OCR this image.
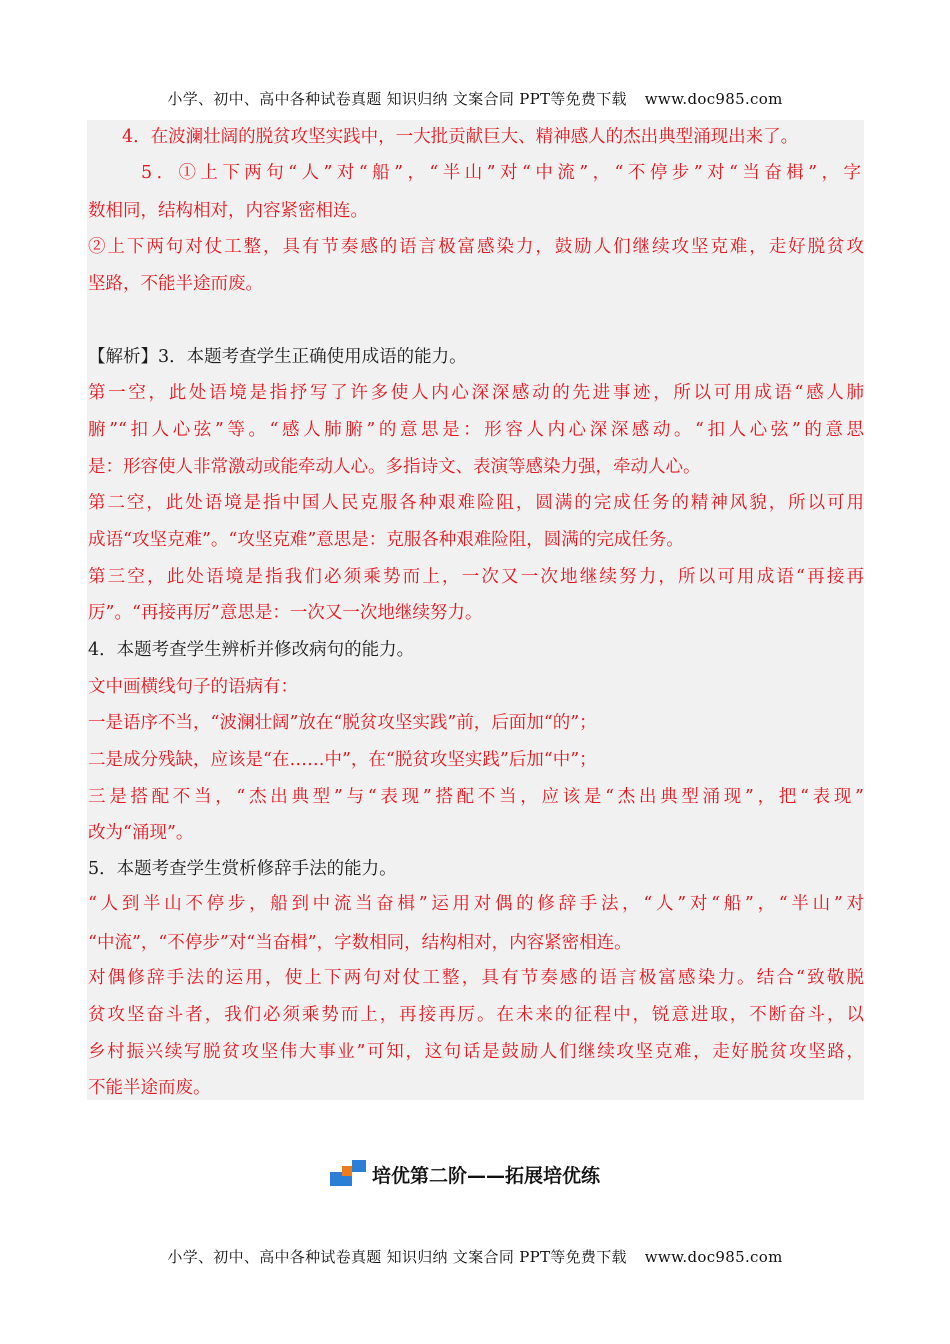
小学、初中、高中各种试卷真题 知识归纳 文案合同 PPT等免费下载 www.doc985.com
4．在波澜壮阔的脱贫攻坚实践中，一大批贡献巨大、精神感人的杰出典型涌现出来了。
5．①上下两句“人”对“船”，“半山”对“中流”，“不停步”对“当奋楫”，字
数相同，结构相对，内容紧密相连。
②上下两句对仗工整，具有节奏感的语言极富感染力，鼓励人们继续攻坚克难，走好脱贫攻
坚路，不能半途而废。
【解析】3．本题考查学生正确使用成语的能力。
第一空，此处语境是指抒写了许多使人内心深深感动的先进事迹，所以可用成语“感人肺
腑”“扣人心弦”等。“感人肺腑”的意思是：形容人内心深深感动。“扣人心弦”的意思
是：形容使人非常激动或能牵动人心。多指诗文、表演等感染力强，牵动人心。
第二空，此处语境是指中国人民克服各种艰难险阻，圆满的完成任务的精神风貌，所以可用
成语“攻坚克难”。“攻坚克难”意思是：克服各种艰难险阻，圆满的完成任务。
第三空，此处语境是指我们必须乘势而上，一次又一次地继续努力，所以可用成语“再接再
厉”。“再接再厉”意思是：一次又一次地继续努力。
4．本题考查学生辨析并修改病句的能力。
文中画横线句子的语病有：
一是语序不当，“波澜壮阔”放在“脱贫攻坚实践”前，后面加“的”；
二是成分残缺，应该是“在……中”，在“脱贫攻坚实践”后加“中”；
三是搭配不当，“杰出典型”与“表现”搭配不当，应该是“杰出典型涌现”，把“表现”
改为“涌现”。
5．本题考查学生赏析修辞手法的能力。
“人到半山不停步，船到中流当奋楫”运用对偶的修辞手法，“人”对“船”，“半山”对
“中流”，“不停步”对“当奋楫”，字数相同，结构相对，内容紧密相连。
对偶修辞手法的运用，使上下两句对仗工整，具有节奏感的语言极富感染力。结合“致敬脱
贫攻坚奋斗者，我们必须乘势而上，再接再厉。在未来的征程中，锐意进取，不断奋斗，以
乡村振兴续写脱贫攻坚伟大事业”可知，这句话是鼓励人们继续攻坚克难，走好脱贫攻坚路，
不能半途而废。
培优第二阶——拓展培优练
小学、初中、高中各种试卷真题 知识归纳 文案合同 PPT等免费下载 www.doc985.com
